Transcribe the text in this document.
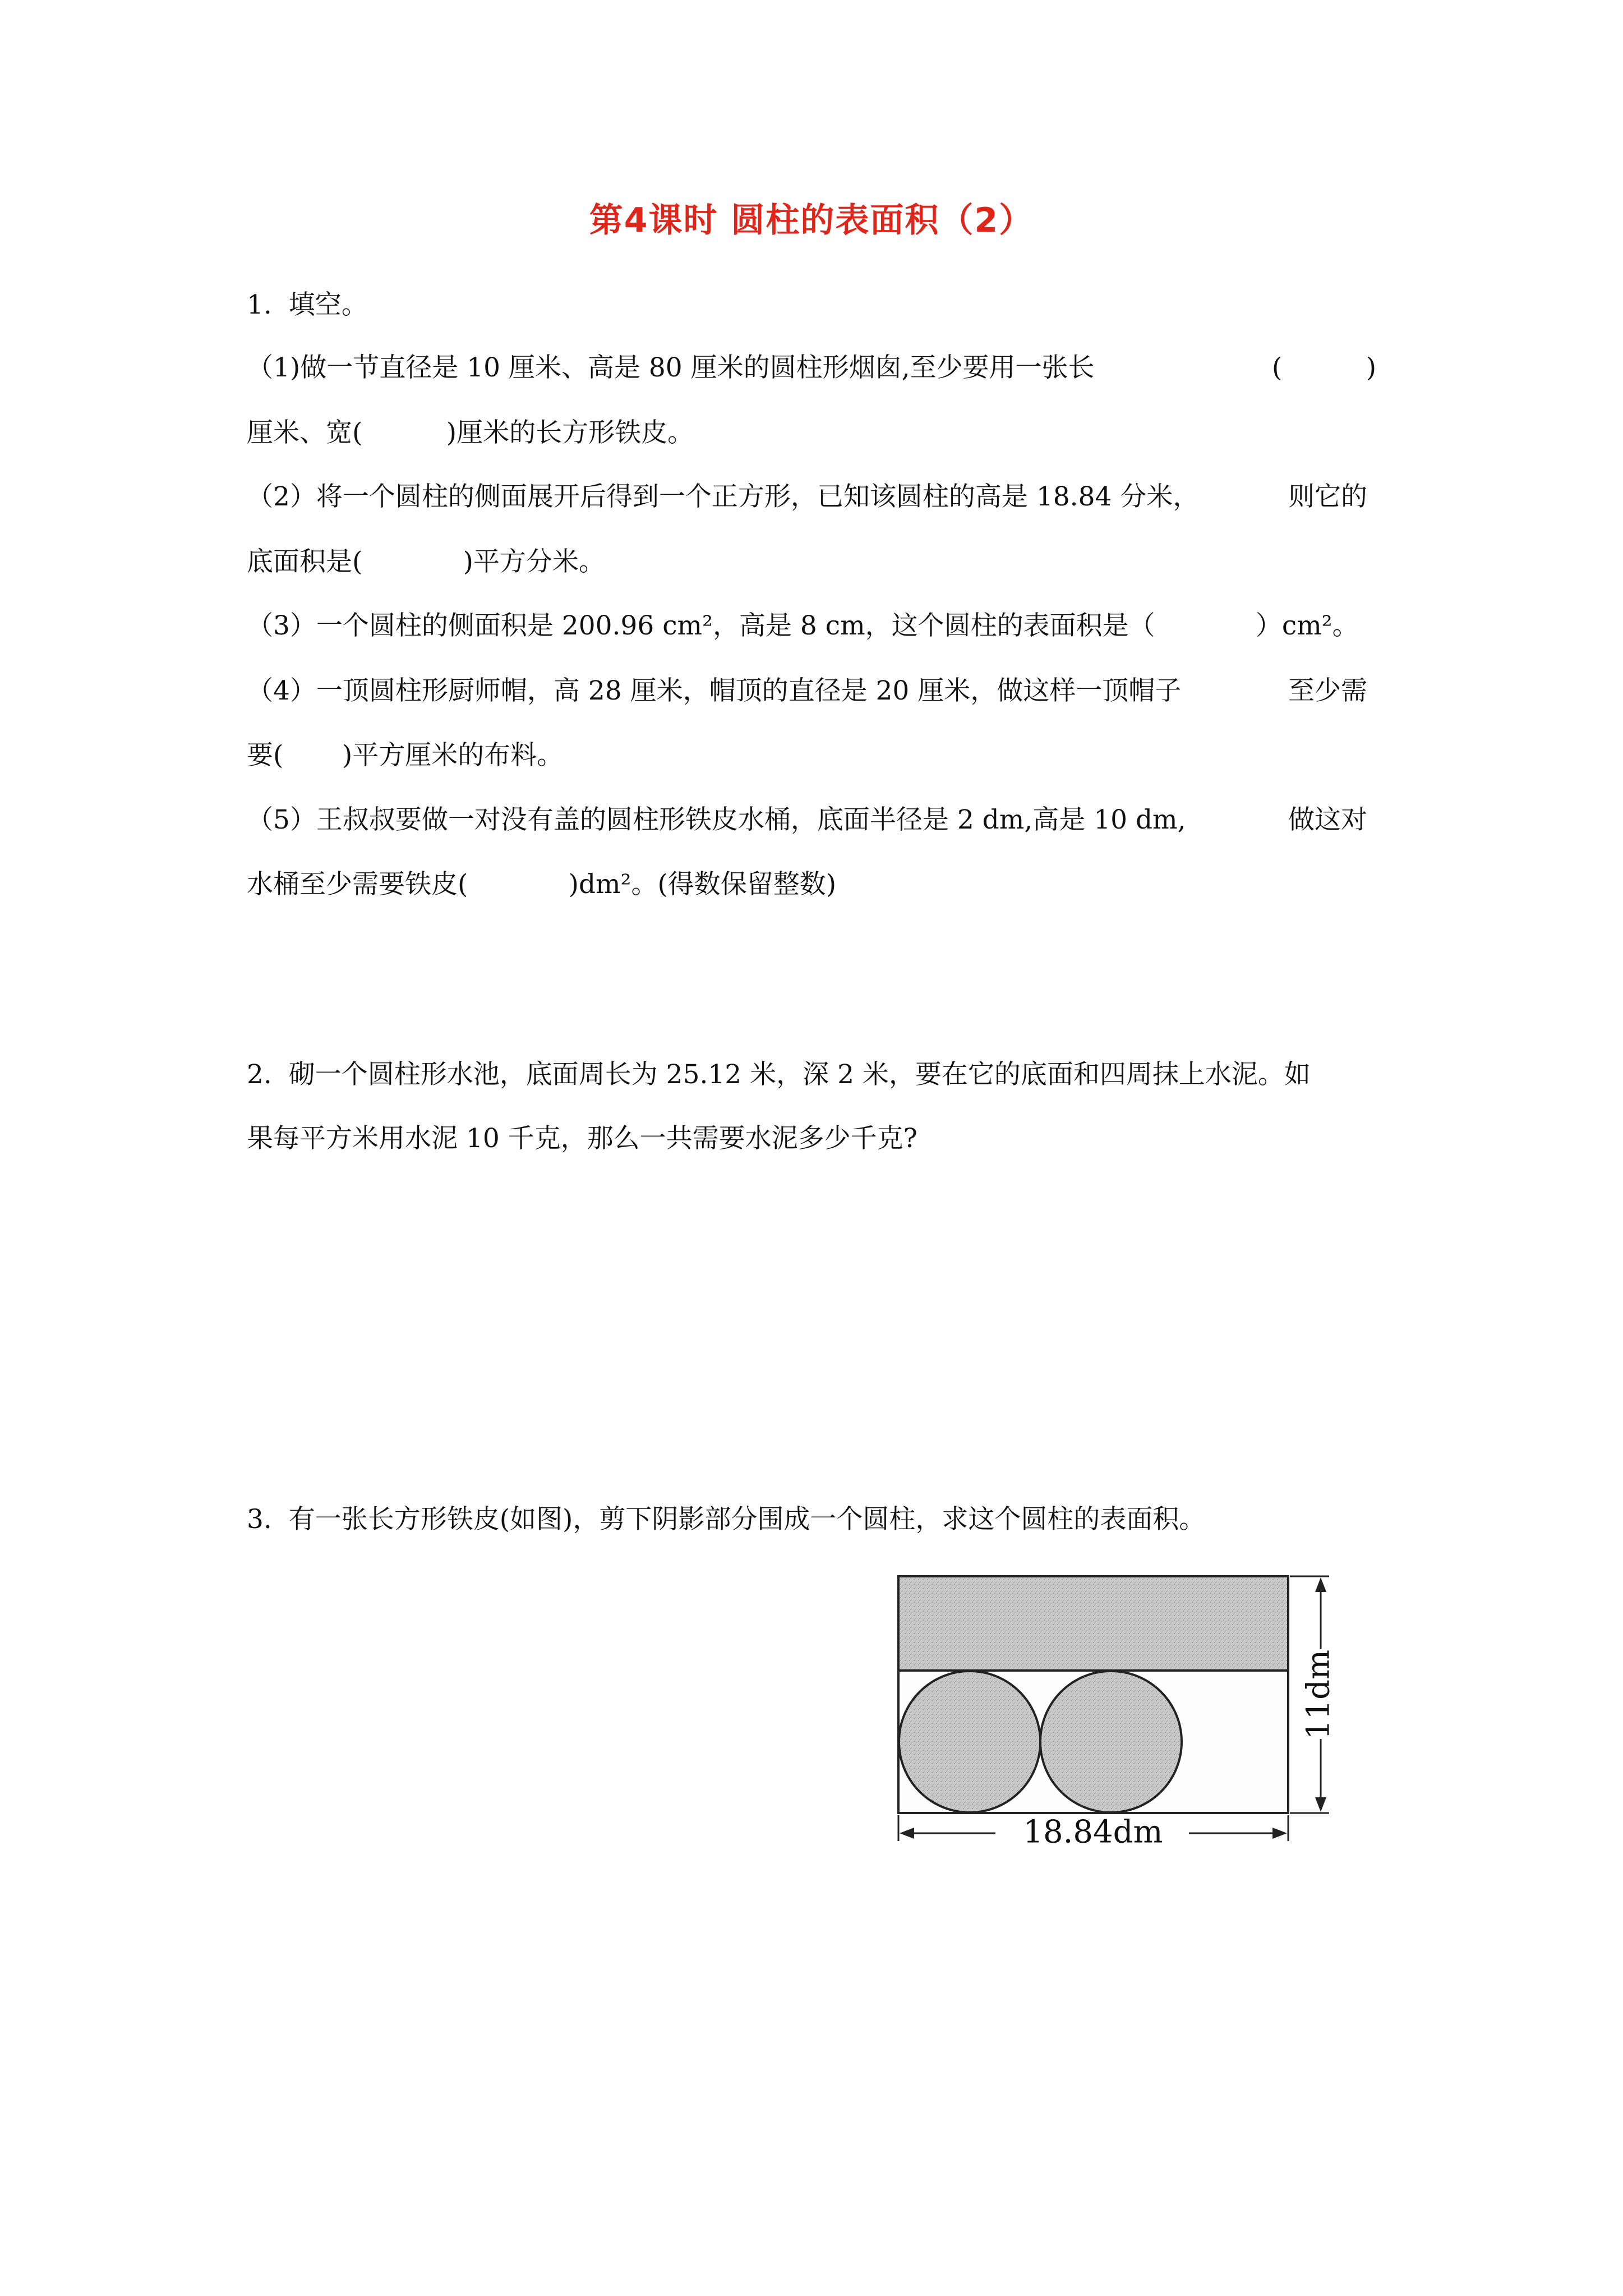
第4课时 圆柱的表面积（2）
1.  填空。
（1)做一节直径是 10 厘米、高是 80 厘米的圆柱形烟囱,至少要用一张长	(          )
厘米、宽(          )厘米的长方形铁皮。
（2）将一个圆柱的侧面展开后得到一个正方形，已知该圆柱的高是 18.84 分米，	则它的
底面积是(            )平方分米。
（3）一个圆柱的侧面积是 200.96 cm²，高是 8 cm，这个圆柱的表面积是（            ）cm²。
（4）一顶圆柱形厨师帽，高 28 厘米，帽顶的直径是 20 厘米，做这样一顶帽子	至少需
要(       )平方厘米的布料。
（5）王叔叔要做一对没有盖的圆柱形铁皮水桶，底面半径是 2 dm,高是 10 dm,	做这对
水桶至少需要铁皮(            )dm²。(得数保留整数)
2.  砌一个圆柱形水池，底面周长为 25.12 米，深 2 米，要在它的底面和四周抹上水泥。如
果每平方米用水泥 10 千克，那么一共需要水泥多少千克?
3.  有一张长方形铁皮(如图)，剪下阴影部分围成一个圆柱，求这个圆柱的表面积。
11dm
18.84dm
